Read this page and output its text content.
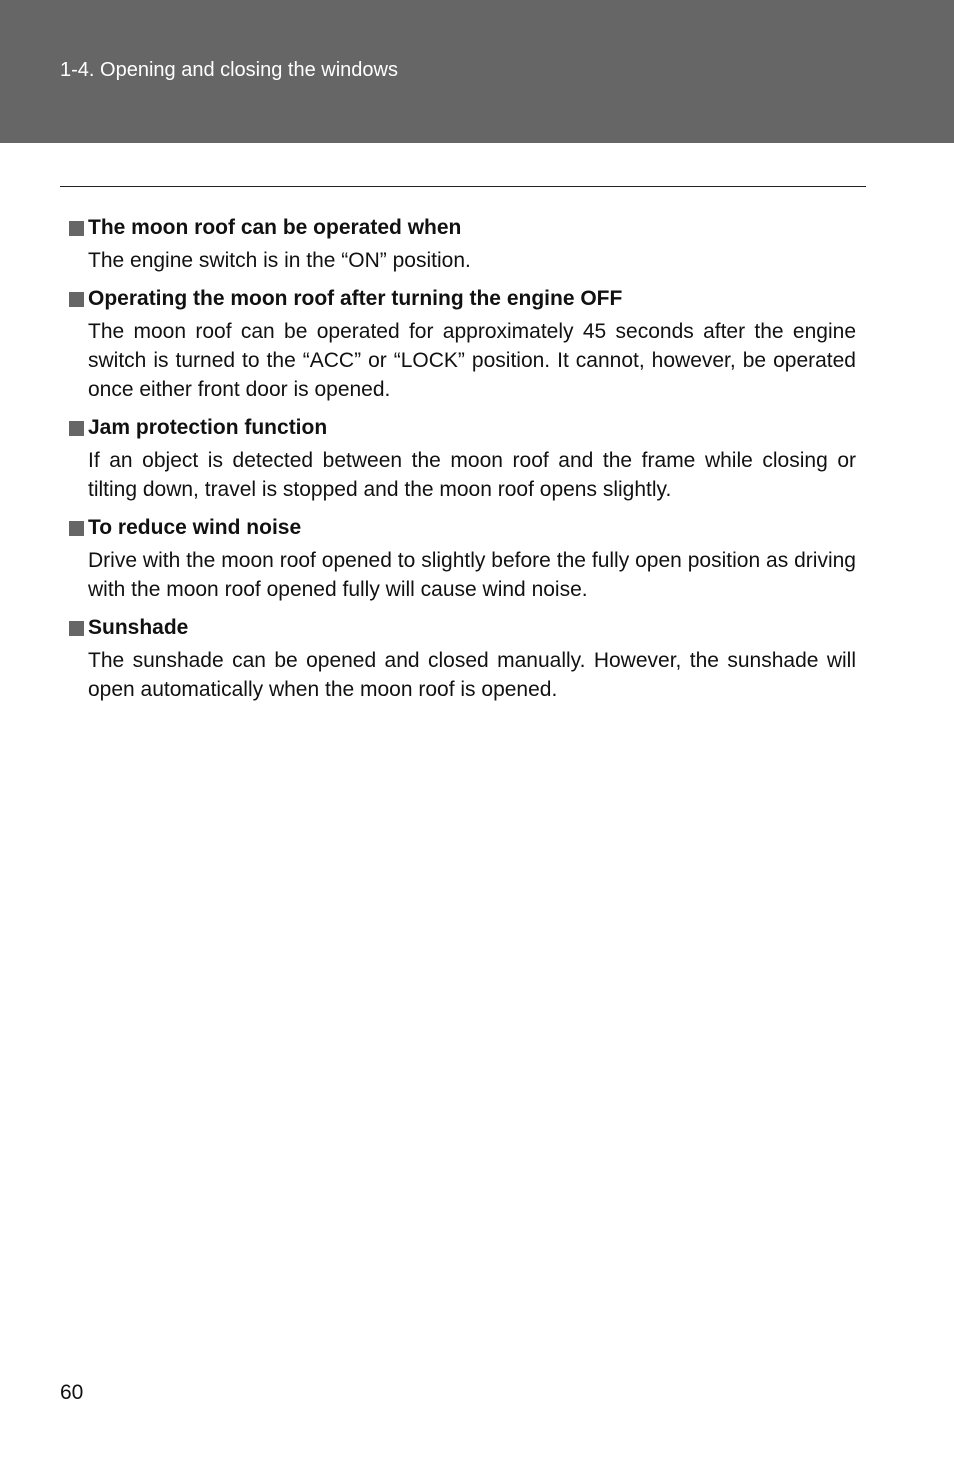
1-4. Opening and closing the windows
The moon roof can be operated when

The engine switch is in the “ON” position.

Operating the moon roof after turning the engine OFF

The moon roof can be operated for approximately 45 seconds after the engine switch is turned to the “ACC” or “LOCK” position. It cannot, however, be operated once either front door is opened.

Jam protection function

If an object is detected between the moon roof and the frame while closing or tilting down, travel is stopped and the moon roof opens slightly.

To reduce wind noise

Drive with the moon roof opened to slightly before the fully open position as driving with the moon roof opened fully will cause wind noise.

Sunshade

The sunshade can be opened and closed manually. However, the sunshade will open automatically when the moon roof is opened.

60
